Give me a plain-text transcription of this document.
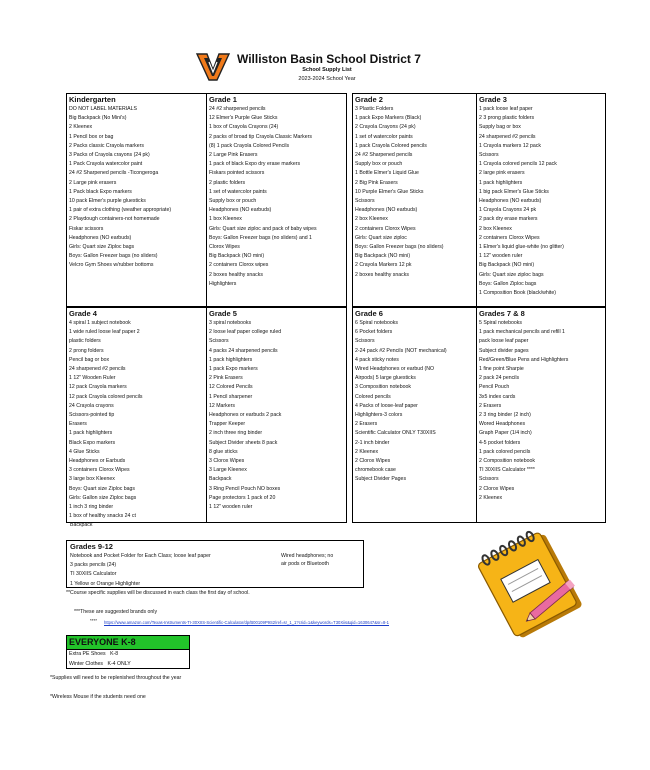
Williston Basin School District 7
School Supply List
2023-2024 School Year
Kindergarten
DO NOT LABEL MATERIALS
Big Backpack (No Mini's)
2 Kleenex
1 Pencil box or bag
2 Packs classic Crayola markers
3 Packs of Crayola crayons (24 pk)
1 Pack Crayola watercolor paint
24 #2 Sharpened pencils -Ticongeroga
2 Large pink erasers
1 Pack black Expo markers
10 pack Elmer's purple gluesticks
1 pair of extra clothing (weather appropriate)
2 Playdough containers-not homemade
Fiskar scissors
Headphones (NO earbuds)
Girls: Quart size Ziploc bags
Boys: Gallon Freezer bags (no sliders)
Velcro Gym Shoes w/rubber bottoms
Grade 1
24 #2 sharpened pencils
12 Elmer's Purple Glue Sticks
1 box of Crayola Crayons (24)
2 packs of broad tip Crayola Classic Markers
(8) 1 pack Crayola Colored Pencils
2 Large Pink Erasers
1 pack of black Expo dry erase markers
Fiskars pointed scissors
2 plastic folders
1 set of watercolor paints
Supply box or pouch
Headphones (NO earbuds)
1 box Kleenex
Girls: Quart size ziploc and pack of baby wipes
Boys: Gallon Freezer bags (no sliders) and 1
Clorox Wipes
Big Backpack (NO mini)
2 containers Clorox wipes
2 boxes healthy snacks
Highlighters
Grade 2
3 Plastic Folders
1 pack Expo Markers (Black)
2 Crayola Crayons (24 pk)
1 set of watercolor paints
1 pack Crayola Colored pencils
24 #2 Sharpened pencils
Supply box or pouch
1 Bottle Elmer's Liquid Glue
2 Big Pink Erasers
10 Purple Elmer's Glue Sticks
Scissors
Headphones (NO earbuds)
2 box Kleenex
2 containers Clorox Wipes
Girls: Quart size ziploc
Boys: Gallon Freezer bags (no sliders)
Big Backpack (NO mini)
2 Crayola Markers 12 pk
2 boxes healthy snacks
Grade 3
1 pack loose leaf paper
2 3 prong plastic folders
Supply bag or box
24 sharpened #2 pencils
1 Crayola markers 12 pack
Scissors
1 Crayola colored pencils 12 pack
2 large pink erasers
1 pack highlighters
1 big pack Elmer's Glue Sticks
Headphones (NO earbuds)
1 Crayola Crayons 24 pk
2 pack dry erase markers
2 box Kleenex
2 containers Clorox Wipes
1 Elmer's liquid glue-white (no glitter)
1 12" wooden ruler
Big Backpack (NO mini)
Girls: Quart size ziploc bags
Boys: Gallon Ziploc bags
1 Composition Book (black/white)
Grade 4
4 spiral 1 subject notebook
1 wide ruled loose leaf paper 2
plastic folders
2 prong folders
Pencil bag or box
24 sharpened #2 pencils
1 12" Wooden Ruler
12 pack Crayola markers
12 pack Crayola colored pencils
24 Crayola crayons
Scissors-pointed tip
Erasers
1 pack highlighters
Black Expo markers
4 Glue Sticks
Headphones or Earbuds
3 containers Clorox Wipes
3 large box Kleenex
Boys: Quart size Ziploc bags
Girls: Gallon size Ziploc bags
1 inch 3 ring binder
1 box of healthy snacks 24 ct
Grade 5
3 spiral notebooks
2 loose leaf paper college ruled
Scissors
4 packs 24 sharpened pencils
1 pack highlighters
1 pack Expo markers
2 Pink Erasers
12 Colored Pencils
1 Pencil sharpener
12 Markers
Headphones or earbuds 2 pack
Trapper Keeper
2 inch three ring binder
Subject Divider sheets 8 pack
8 glue sticks
3 Clorox Wipes
3 Large Kleenex
Backpack
3 Ring Pencil Pouch NO boxes
Page protectors 1 pack of 20
1 12" wooden ruler
Grade 6
6 Spiral notebooks
6 Pocket folders
Scissors
2-24 pack #2 Pencils (NOT mechanical)
4 pack sticky notes
Wired Headphones or earbud (NO
Airpods) 5 large gluesticks
3 Composition notebook
Colored pencils
4 Packs of loose-leaf paper
Highlighters-3 colors
2 Erasers
Scientific Calculator ONLY T30XIIS
2-1 inch binder
2 Kleenex
2 Clorox Wipes
chromebook case
Subject Divider Pages
Grades 7 & 8
5 Spiral notebooks
1 pack mechanical pencils and refill 1
pack loose leaf paper
Subject divider pages
Red/Green/Blue Pens and Highlighters
1 fine point Sharpie
2 pack 24 pencils
Pencil Pouch
3x5 index cards
2 Erasers
2 3 ring binder (2 inch)
Wored Headphones
Graph Paper (1/4 inch)
4-5 pocket folders
1 pack colored pencils
2 Composition notebook
TI 30XIIS Calculator ****
Scissors
2 Clorox Wipes
2 Kleenex
Backpack
Grades 9-12
Notebook and Pocket Folder for Each Class; loose leaf paper
3 packs pencils (24)
TI 30XIIS Calculator
1 Yellow or Orange Highlighter
Wired headphones; no
air pods or Bluetooth
**Course specific supplies will be discussed in each class the first day of school.
***These are suggested brands only
**** https://www.amazon.com/Texas-Instruments-TI-30XIIS-Scientific-Calculator/dp/B00109P9S2/ref=sr_1_1?crid=1&keywords=T30Xiis&qid=1630647&sr=8-1
EVERYONE K-8
Extra PE Shoes K-8
Winter Clothes K-4 ONLY
*Supplies will need to be replenished throughout the year
*Wireless Mouse if the students need one
